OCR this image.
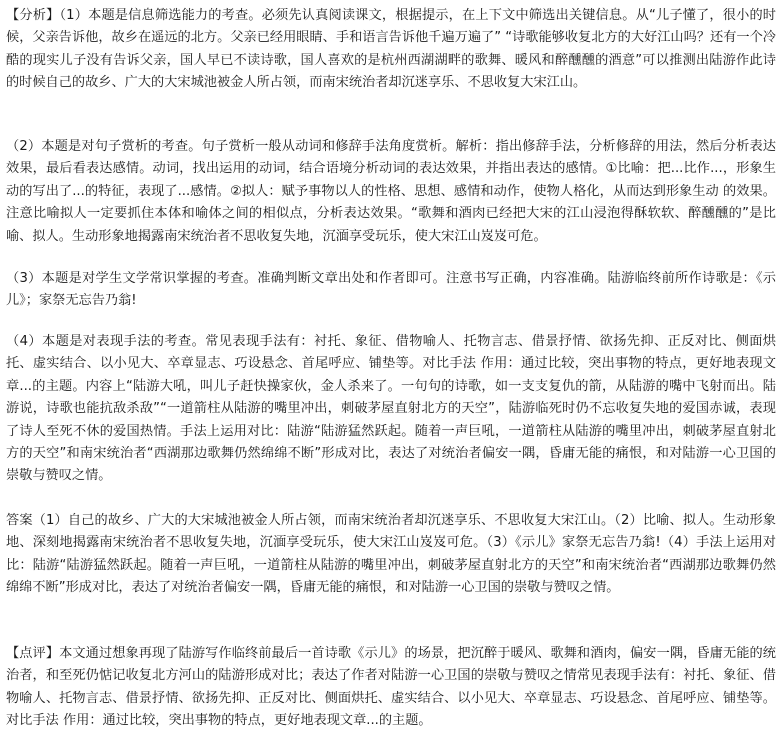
【分析】（1）本题是信息筛选能力的考查。必须先认真阅读课文，根据提示，在上下文中筛选出关键信息。从“儿子懂了，很小的时候，父亲告诉他，故乡在遥远的北方。父亲已经用眼睛、手和语言告诉他千遍万遍了” “诗歌能够收复北方的大好江山吗？还有一个冷酷的现实儿子没有告诉父亲，国人早已不读诗歌，国人喜欢的是杭州西湖湖畔的歌舞、暖风和醉醺醺的酒意”可以推测出陆游作此诗的时候自己的故乡、广大的大宋城池被金人所占领，而南宋统治者却沉迷享乐、不思收复大宋江山。

（2）本题是对句子赏析的考查。句子赏析一般从动词和修辞手法角度赏析。解析：指出修辞手法，分析修辞的用法，然后分析表达效果，最后看表达感情。动词，找出运用的动词，结合语境分析动词的表达效果，并指出表达的感情。①比喻：把...比作...，形象生动的写出了...的特征，表现了...感情。②拟人：赋予事物以人的性格、思想、感情和动作，使物人格化，从而达到形象生动 的效果。注意比喻拟人一定要抓住本体和喻体之间的相似点，分析表达效果。“歌舞和酒肉已经把大宋的江山浸泡得酥软软、醉醺醺的”是比喻、拟人。生动形象地揭露南宋统治者不思收复失地，沉湎享受玩乐，使大宋江山岌岌可危。

（3）本题是对学生文学常识掌握的考查。准确判断文章出处和作者即可。注意书写正确，内容准确。陆游临终前所作诗歌是：《示儿》；家祭无忘告乃翁!

（4）本题是对表现手法的考查。常见表现手法有：衬托、象征、借物喻人、托物言志、借景抒情、欲扬先抑、正反对比、侧面烘托、虚实结合、以小见大、卒章显志、巧设悬念、首尾呼应、铺垫等。对比手法 作用：通过比较，突出事物的特点，更好地表现文章...的主题。内容上“陆游大吼，叫儿子赶快操家伙，金人杀来了。一句句的诗歌，如一支支复仇的箭，从陆游的嘴中飞射而出。陆游说，诗歌也能抗敌杀敌”“一道箭柱从陆游的嘴里冲出，刺破茅屋直射北方的天空”，陆游临死时仍不忘收复失地的爱国赤诚，表现了诗人至死不休的爱国热情。手法上运用对比：陆游“陆游猛然跃起。随着一声巨吼，一道箭柱从陆游的嘴里冲出，刺破茅屋直射北方的天空”和南宋统治者“西湖那边歌舞仍然绵绵不断”形成对比，表达了对统治者偏安一隅，昏庸无能的痛恨，和对陆游一心卫国的崇敬与赞叹之情。

答案（1）自己的故乡、广大的大宋城池被金人所占领，而南宋统治者却沉迷享乐、不思收复大宋江山。（2）比喻、拟人。生动形象地、深刻地揭露南宋统治者不思收复失地，沉湎享受玩乐，使大宋江山岌岌可危。（3）《示儿》家祭无忘告乃翁!（4）手法上运用对比：陆游“陆游猛然跃起。随着一声巨吼，一道箭柱从陆游的嘴里冲出，刺破茅屋直射北方的天空”和南宋统治者“西湖那边歌舞仍然绵绵不断”形成对比，表达了对统治者偏安一隅，昏庸无能的痛恨，和对陆游一心卫国的崇敬与赞叹之情。

【点评】本文通过想象再现了陆游写作临终前最后一首诗歌《示儿》的场景，把沉醉于暖风、歌舞和酒肉，偏安一隅，昏庸无能的统治者，和至死仍惦记收复北方河山的陆游形成对比；表达了作者对陆游一心卫国的崇敬与赞叹之情常见表现手法有：衬托、象征、借物喻人、托物言志、借景抒情、欲扬先抑、正反对比、侧面烘托、虚实结合、以小见大、卒章显志、巧设悬念、首尾呼应、铺垫等。对比手法 作用：通过比较，突出事物的特点，更好地表现文章...的主题。
